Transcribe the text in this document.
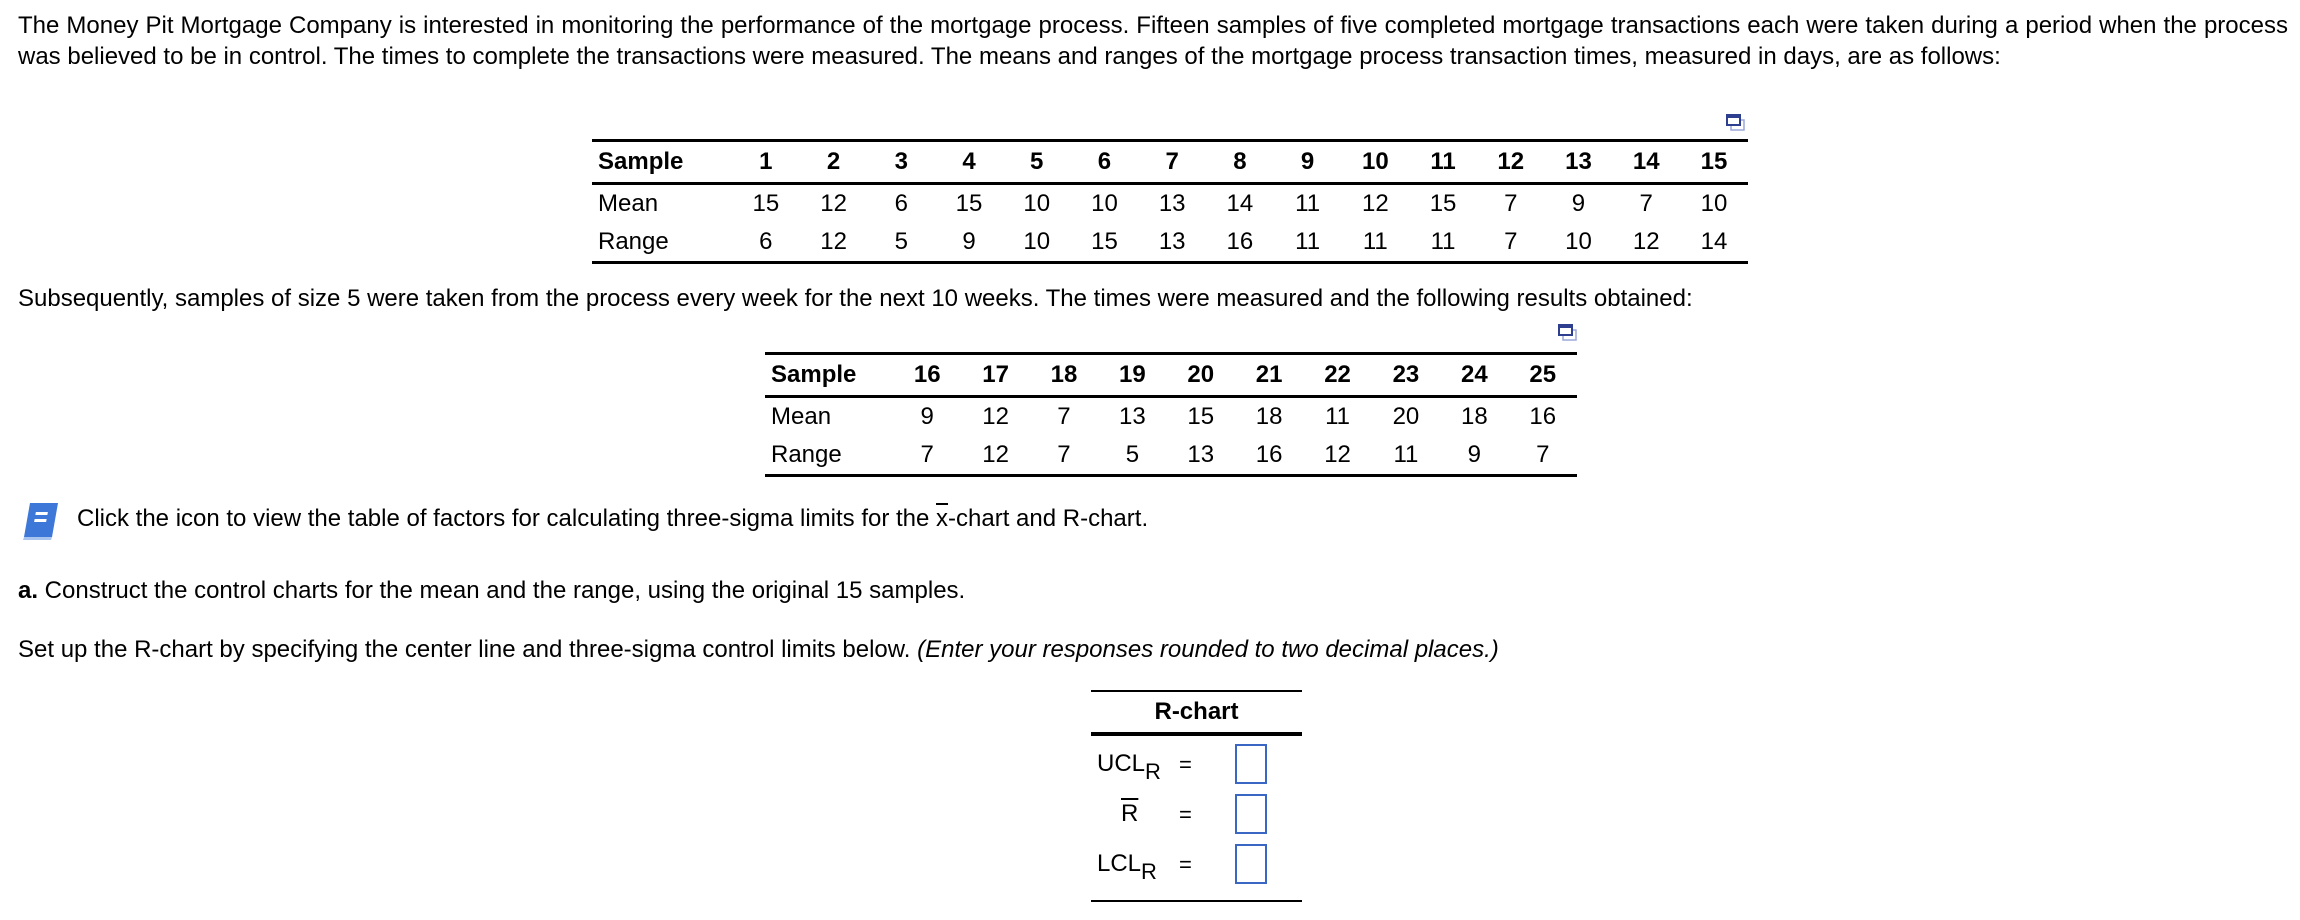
The Money Pit Mortgage Company is interested in monitoring the performance of the mortgage process. Fifteen samples of five completed mortgage transactions each were taken during a period when the process was believed to be in control. The times to complete the transactions were measured. The means and ranges of the mortgage process transaction times, measured in days, are as follows:
Sample	1	2	3	4	5	6	7	8	9	10	11	12	13	14	15
Mean	15	12	6	15	10	10	13	14	11	12	15	7	9	7	10
Range	6	12	5	9	10	15	13	16	11	11	11	7	10	12	14
Subsequently, samples of size 5 were taken from the process every week for the next 10 weeks. The times were measured and the following results obtained:
Sample	16	17	18	19	20	21	22	23	24	25
Mean	9	12	7	13	15	18	11	20	18	16
Range	7	12	7	5	13	16	12	11	9	7
Click the icon to view the table of factors for calculating three-sigma limits for the $\overline{x}$-chart and R-chart.
a. Construct the control charts for the mean and the range, using the original 15 samples.
Set up the R-chart by specifying the center line and three-sigma control limits below. (Enter your responses rounded to two decimal places.)
R-chart
$UCL_R$ =
$\overline{R}$ =
$LCL_R$ =
